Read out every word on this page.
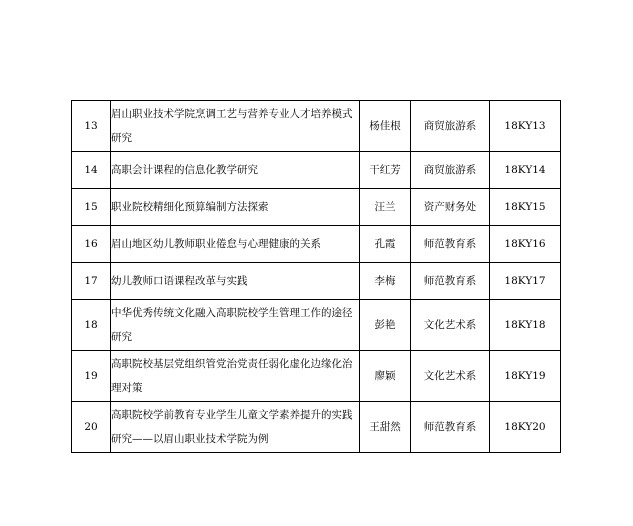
13	眉山职业技术学院烹调工艺与营养专业人才培养模式研究	杨佳根	商贸旅游系	18KY13
14	高职会计课程的信息化教学研究	干红芳	商贸旅游系	18KY14
15	职业院校精细化预算编制方法探索	汪兰	资产财务处	18KY15
16	眉山地区幼儿教师职业倦怠与心理健康的关系	孔霞	师范教育系	18KY16
17	幼儿教师口语课程改革与实践	李梅	师范教育系	18KY17
18	中华优秀传统文化融入高职院校学生管理工作的途径研究	彭艳	文化艺术系	18KY18
19	高职院校基层党组织管党治党责任弱化虚化边缘化治理对策	廖颖	文化艺术系	18KY19
20	高职院校学前教育专业学生儿童文学素养提升的实践研究——以眉山职业技术学院为例	王甜然	师范教育系	18KY20
